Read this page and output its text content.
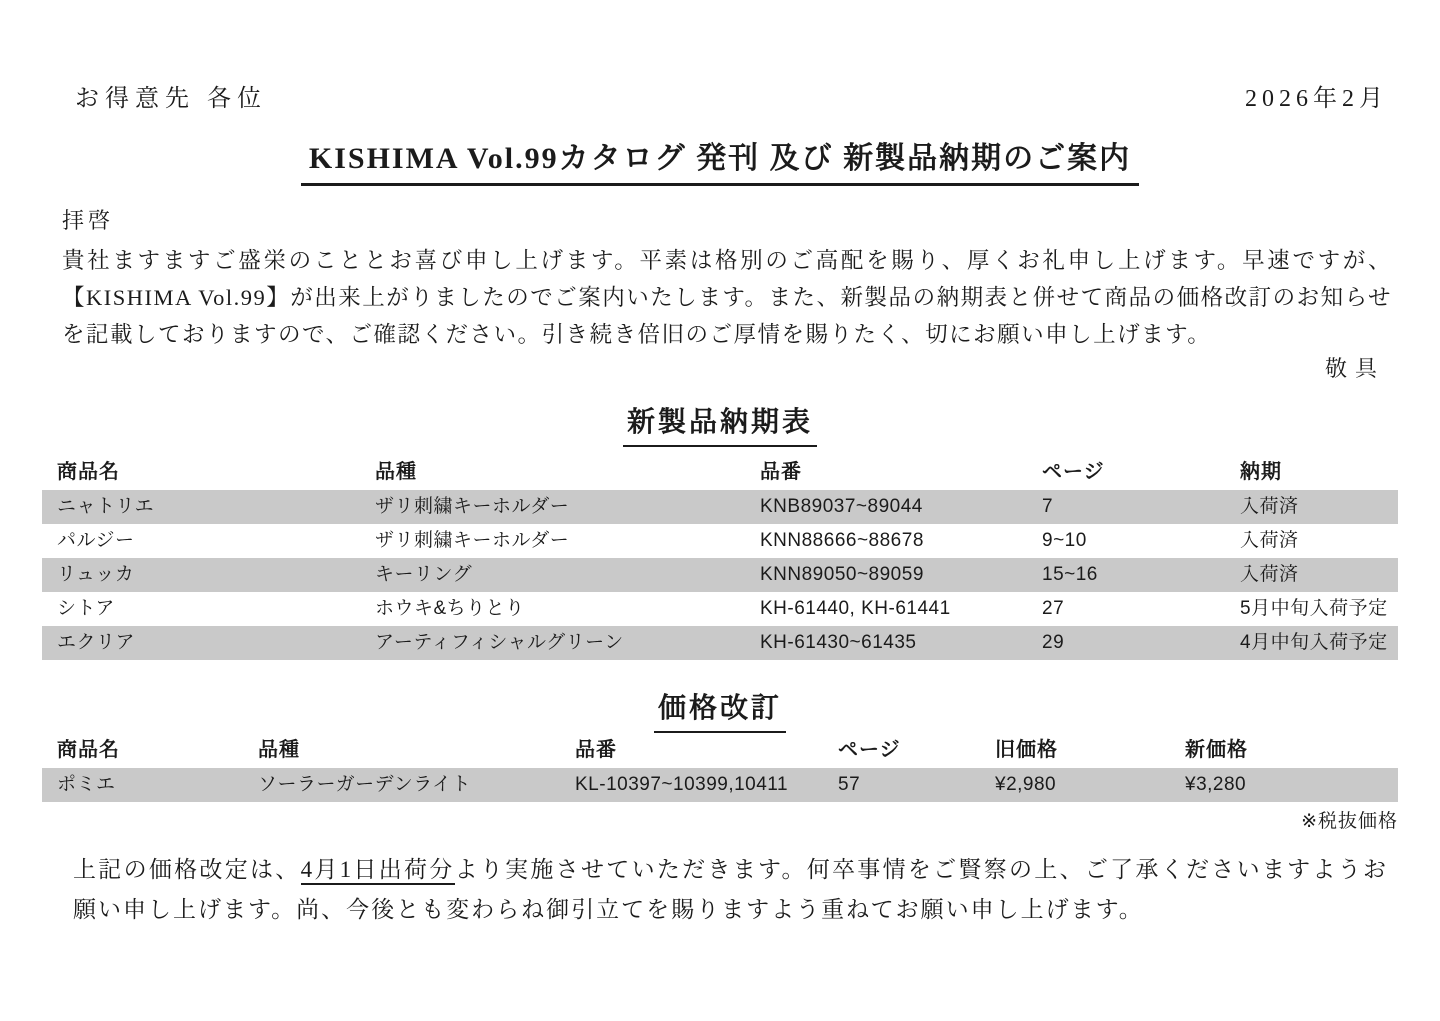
お得意先 各位	2026年2月
KISHIMA Vol.99カタログ 発刊 及び 新製品納期のご案内
拝啓

貴社ますますご盛栄のこととお喜び申し上げます。平素は格別のご高配を賜り、厚くお礼申し上げます。早速ですが、【KISHIMA Vol.99】が出来上がりましたのでご案内いたします。また、新製品の納期表と併せて商品の価格改訂のお知らせを記載しておりますので、ご確認ください。引き続き倍旧のご厚情を賜りたく、切にお願い申し上げます。

敬具
新製品納期表
商品名	品種	品番	ページ	納期
ニャトリエ	ザリ刺繍キーホルダー	KNB89037~89044	7	入荷済
パルジー	ザリ刺繍キーホルダー	KNN88666~88678	9~10	入荷済
リュッカ	キーリング	KNN89050~89059	15~16	入荷済
シトア	ホウキ&ちりとり	KH-61440, KH-61441	27	5月中旬入荷予定
エクリア	アーティフィシャルグリーン	KH-61430~61435	29	4月中旬入荷予定
価格改訂
商品名	品種	品番	ページ	旧価格	新価格
ポミエ	ソーラーガーデンライト	KL-10397~10399,10411	57	¥2,980	¥3,280
※税抜価格

上記の価格改定は、4月1日出荷分より実施させていただきます。何卒事情をご賢察の上、ご了承くださいますようお願い申し上げます。尚、今後とも変わらね御引立てを賜りますよう重ねてお願い申し上げます。
